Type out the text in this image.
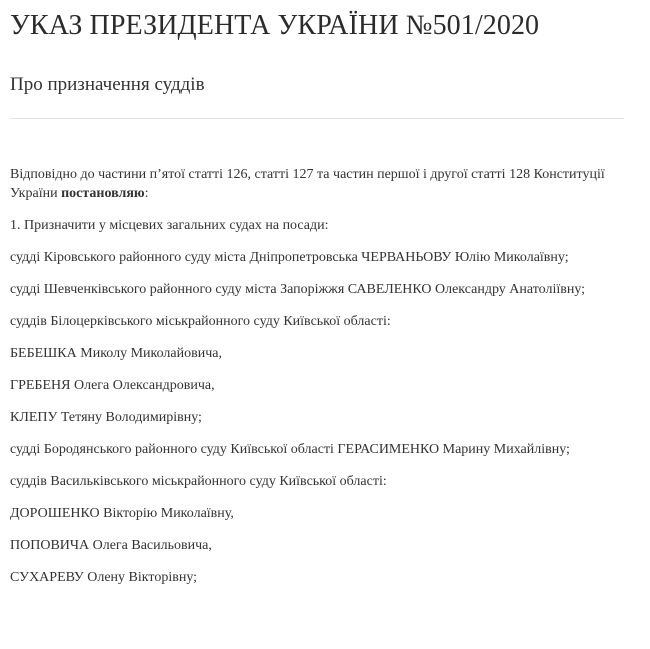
УКАЗ ПРЕЗИДЕНТА УКРАЇНИ №501/2020
Про призначення суддів

Відповідно до частини п’ятої статті 126, статті 127 та частин першої і другої статті 128 Конституції України постановляю:

1. Призначити у місцевих загальних судах на посади:

судді Кіровського районного суду міста Дніпропетровська ЧЕРВАНЬОВУ Юлію Миколаївну;

судді Шевченківського районного суду міста Запоріжжя САВЕЛЕНКО Олександру Анатоліївну;

суддів Білоцерківського міськрайонного суду Київської області:

БЕБЕШКА Миколу Миколайовича,

ГРЕБЕНЯ Олега Олександровича,

КЛЕПУ Тетяну Володимирівну;

судді Бородянського районного суду Київської області ГЕРАСИМЕНКО Марину Михайлівну;

суддів Васильківського міськрайонного суду Київської області:

ДОРОШЕНКО Вікторію Миколаївну,

ПОПОВИЧА Олега Васильовича,

СУХАРЕВУ Олену Вікторівну;
